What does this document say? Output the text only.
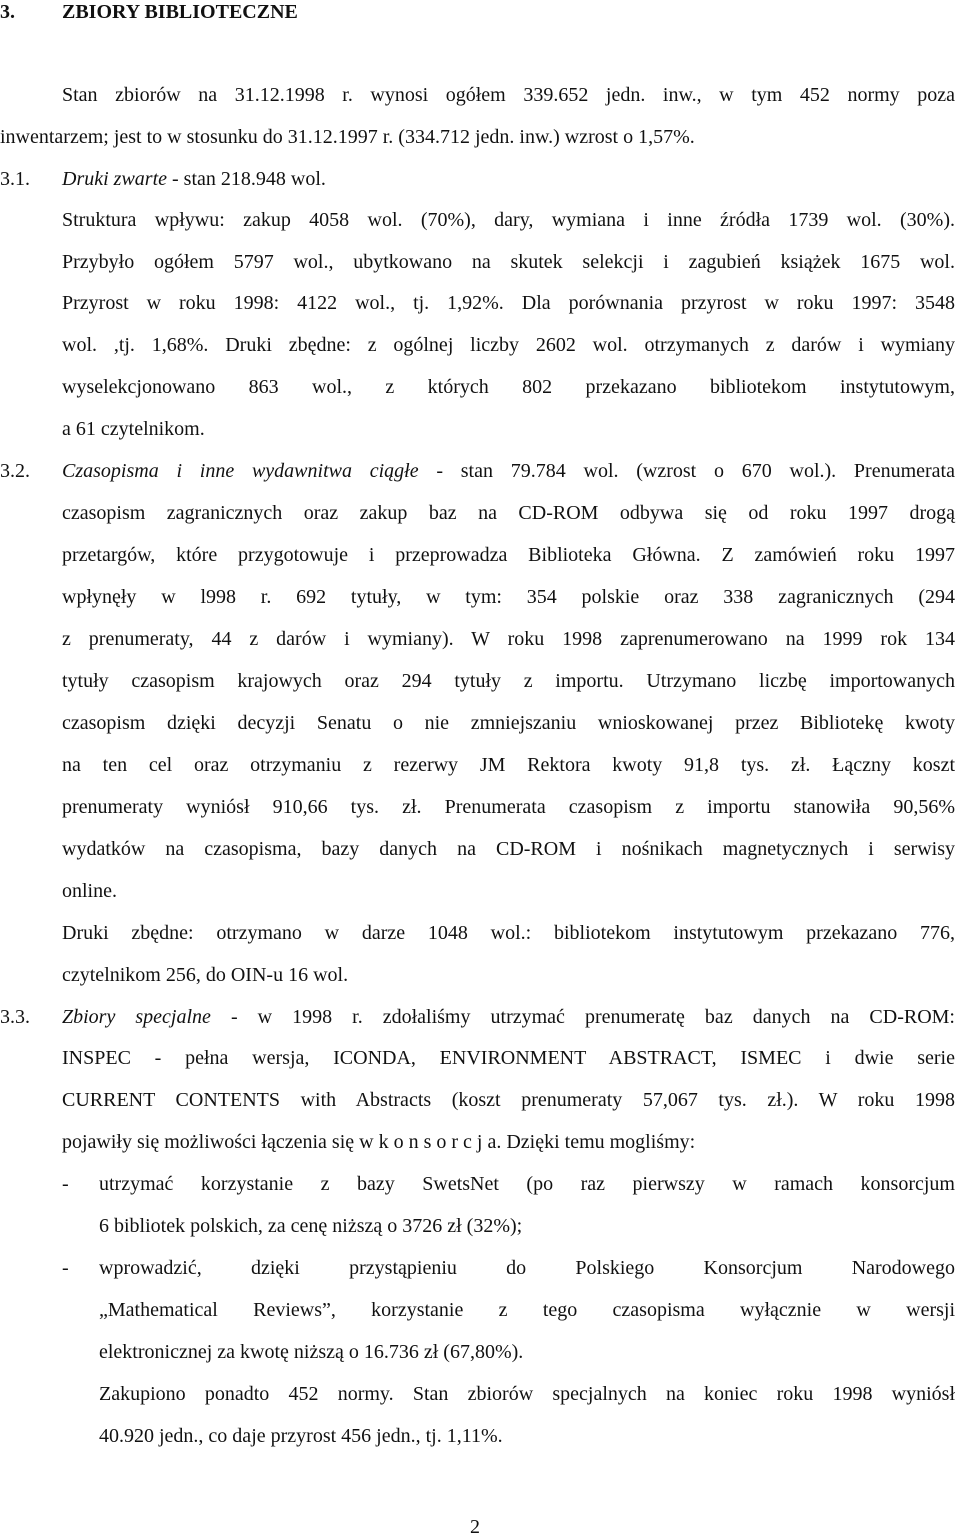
3. ZBIORY BIBLIOTECZNE

Stan zbiorów na 31.12.1998 r. wynosi ogółem 339.652 jedn. inw., w tym 452 normy poza

inwentarzem; jest to w stosunku do 31.12.1997 r. (334.712 jedn. inw.) wzrost o 1,57%.

3.1. Druki zwarte - stan 218.948 wol.

Struktura wpływu: zakup 4058 wol. (70%), dary, wymiana i inne źródła 1739 wol. (30%).

Przybyło ogółem 5797 wol., ubytkowano na skutek selekcji i zagubień książek 1675 wol.

Przyrost w roku 1998: 4122 wol., tj. 1,92%. Dla porównania przyrost w roku 1997: 3548

wol. ,tj. 1,68%. Druki zbędne: z ogólnej liczby 2602 wol. otrzymanych z darów i wymiany

wyselekcjonowano 863 wol., z których 802 przekazano bibliotekom instytutowym,

a 61 czytelnikom.

3.2. Czasopisma i inne wydawnitwa ciągłe - stan 79.784 wol. (wzrost o 670 wol.). Prenumerata

czasopism zagranicznych oraz zakup baz na CD-ROM odbywa się od roku 1997 drogą

przetargów, które przygotowuje i przeprowadza Biblioteka Główna. Z zamówień roku 1997

wpłynęły w l998 r. 692 tytuły, w tym: 354 polskie oraz 338 zagranicznych (294

z prenumeraty, 44 z darów i wymiany). W roku 1998 zaprenumerowano na 1999 rok 134

tytuły czasopism krajowych oraz 294 tytuły z importu. Utrzymano liczbę importowanych

czasopism dzięki decyzji Senatu o nie zmniejszaniu wnioskowanej przez Bibliotekę kwoty

na ten cel oraz otrzymaniu z rezerwy JM Rektora kwoty 91,8 tys. zł. Łączny koszt

prenumeraty wyniósł 910,66 tys. zł. Prenumerata czasopism z importu stanowiła 90,56%

wydatków na czasopisma, bazy danych na CD-ROM i nośnikach magnetycznych i serwisy

online.

Druki zbędne: otrzymano w darze 1048 wol.: bibliotekom instytutowym przekazano 776,

czytelnikom 256, do OIN-u 16 wol.

3.3. Zbiory specjalne - w 1998 r. zdołaliśmy utrzymać prenumeratę baz danych na CD-ROM:

INSPEC - pełna wersja, ICONDA, ENVIRONMENT ABSTRACT, ISMEC i dwie serie

CURRENT CONTENTS with Abstracts (koszt prenumeraty 57,067 tys. zł.). W roku 1998

pojawiły się możliwości łączenia się w k o n s o r c j a. Dzięki temu mogliśmy:

- utrzymać korzystanie z bazy SwetsNet (po raz pierwszy w ramach konsorcjum

6 bibliotek polskich, za cenę niższą o 3726 zł (32%);

- wprowadzić, dzięki przystąpieniu do Polskiego Konsorcjum Narodowego

„Mathematical Reviews”, korzystanie z tego czasopisma wyłącznie w wersji

elektronicznej za kwotę niższą o 16.736 zł (67,80%).

Zakupiono ponadto 452 normy. Stan zbiorów specjalnych na koniec roku 1998 wyniósł

40.920 jedn., co daje przyrost 456 jedn., tj. 1,11%.

2
